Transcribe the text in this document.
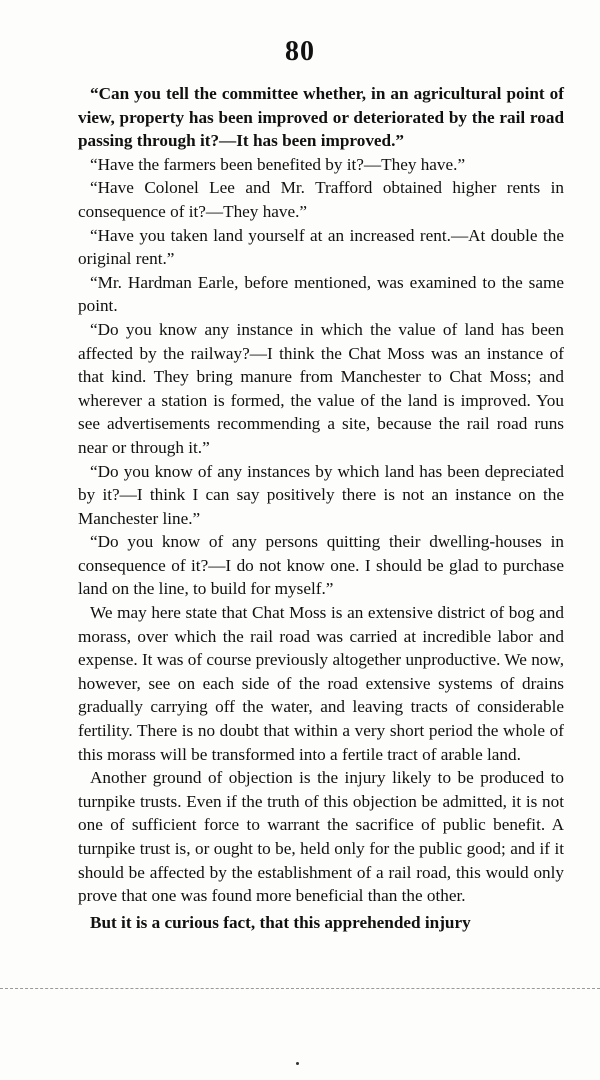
80

“Can you tell the committee whether, in an agricultural point of view, property has been improved or deteriorated by the rail road passing through it?—It has been improved.”

“Have the farmers been benefited by it?—They have.”

“Have Colonel Lee and Mr. Trafford obtained higher rents in consequence of it?—They have.”

“Have you taken land yourself at an increased rent.—At double the original rent.”

“Mr. Hardman Earle, before mentioned, was examined to the same point.

“Do you know any instance in which the value of land has been affected by the railway?—I think the Chat Moss was an instance of that kind. They bring manure from Manchester to Chat Moss; and wherever a station is formed, the value of the land is improved. You see advertisements recommending a site, because the rail road runs near or through it.”

“Do you know of any instances by which land has been depreciated by it?—I think I can say positively there is not an instance on the Manchester line.”

“Do you know of any persons quitting their dwelling-houses in consequence of it?—I do not know one. I should be glad to purchase land on the line, to build for myself.”

We may here state that Chat Moss is an extensive district of bog and morass, over which the rail road was carried at incredible labor and expense. It was of course previously altogether unproductive. We now, however, see on each side of the road extensive systems of drains gradually carrying off the water, and leaving tracts of considerable fertility. There is no doubt that within a very short period the whole of this morass will be transformed into a fertile tract of arable land.

Another ground of objection is the injury likely to be produced to turnpike trusts. Even if the truth of this objection be admitted, it is not one of sufficient force to warrant the sacrifice of public benefit. A turnpike trust is, or ought to be, held only for the public good; and if it should be affected by the establishment of a rail road, this would only prove that one was found more beneficial than the other.

But it is a curious fact, that this apprehended injury
